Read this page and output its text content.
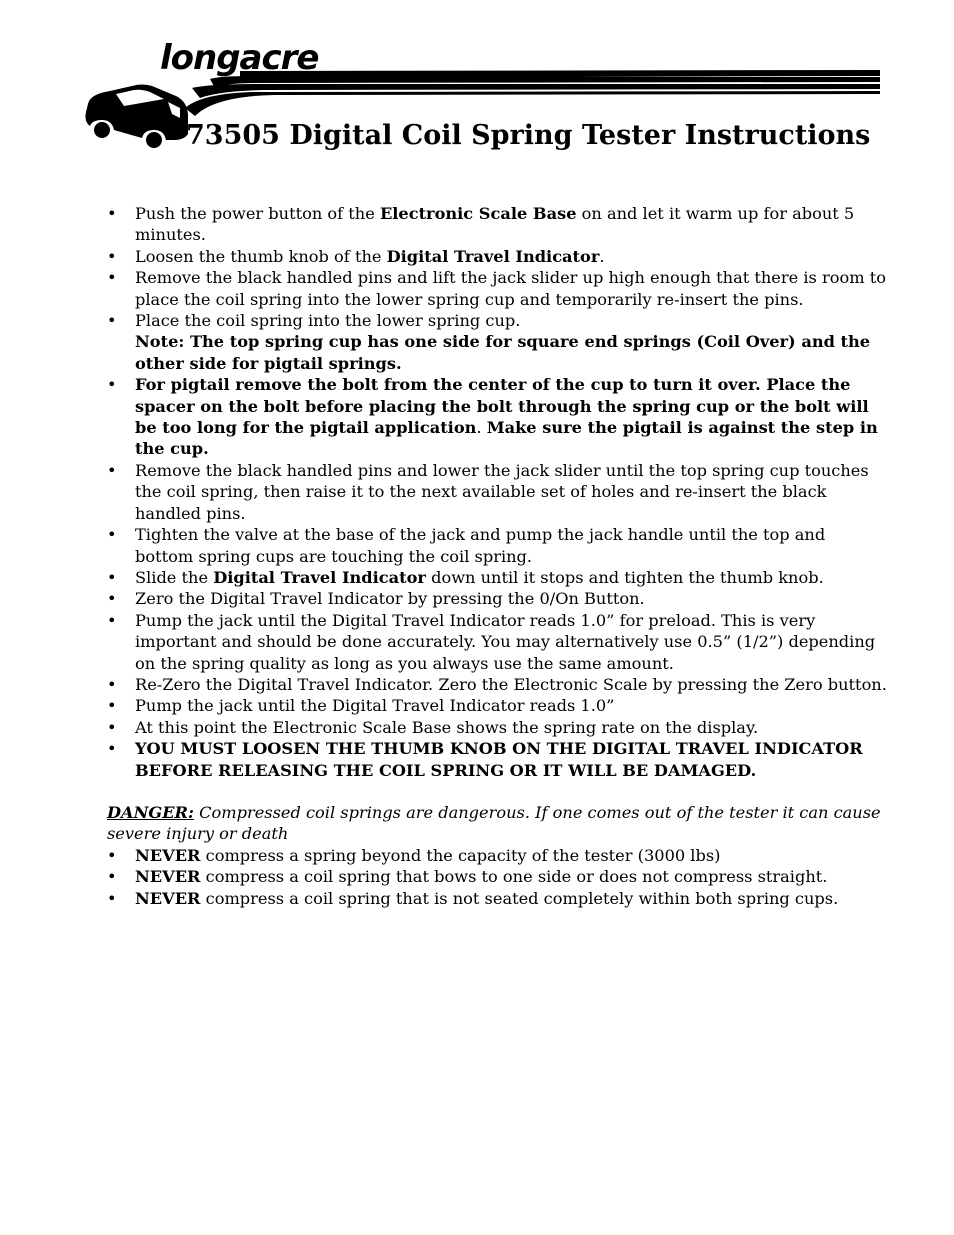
longacre
73505 Digital Coil Spring Tester Instructions
•	Push the power button of the Electronic Scale Base on and let it warm up for about 5 minutes.
•	Loosen the thumb knob of the Digital Travel Indicator.
•	Remove the black handled pins and lift the jack slider up high enough that there is room to place the coil spring into the lower spring cup and temporarily re-insert the pins.
•	Place the coil spring into the lower spring cup.
Note: The top spring cup has one side for square end springs (Coil Over) and the other side for pigtail springs.
•	For pigtail remove the bolt from the center of the cup to turn it over. Place the spacer on the bolt before placing the bolt through the spring cup or the bolt will be too long for the pigtail application. Make sure the pigtail is against the step in the cup.
•	Remove the black handled pins and lower the jack slider until the top spring cup touches the coil spring, then raise it to the next available set of holes and re-insert the black handled pins.
•	Tighten the valve at the base of the jack and pump the jack handle until the top and bottom spring cups are touching the coil spring.
•	Slide the Digital Travel Indicator down until it stops and tighten the thumb knob.
•	Zero the Digital Travel Indicator by pressing the 0/On Button.
•	Pump the jack until the Digital Travel Indicator reads 1.0” for preload. This is very important and should be done accurately. You may alternatively use 0.5” (1/2”) depending on the spring quality as long as you always use the same amount.
•	Re-Zero the Digital Travel Indicator. Zero the Electronic Scale by pressing the Zero button.
•	Pump the jack until the Digital Travel Indicator reads 1.0”
•	At this point the Electronic Scale Base shows the spring rate on the display.
•	YOU MUST LOOSEN THE THUMB KNOB ON THE DIGITAL TRAVEL INDICATOR BEFORE RELEASING THE COIL SPRING OR IT WILL BE DAMAGED.
DANGER: Compressed coil springs are dangerous. If one comes out of the tester it can cause severe injury or death
•	NEVER compress a spring beyond the capacity of the tester (3000 lbs)
•	NEVER compress a coil spring that bows to one side or does not compress straight.
•	NEVER compress a coil spring that is not seated completely within both spring cups.
